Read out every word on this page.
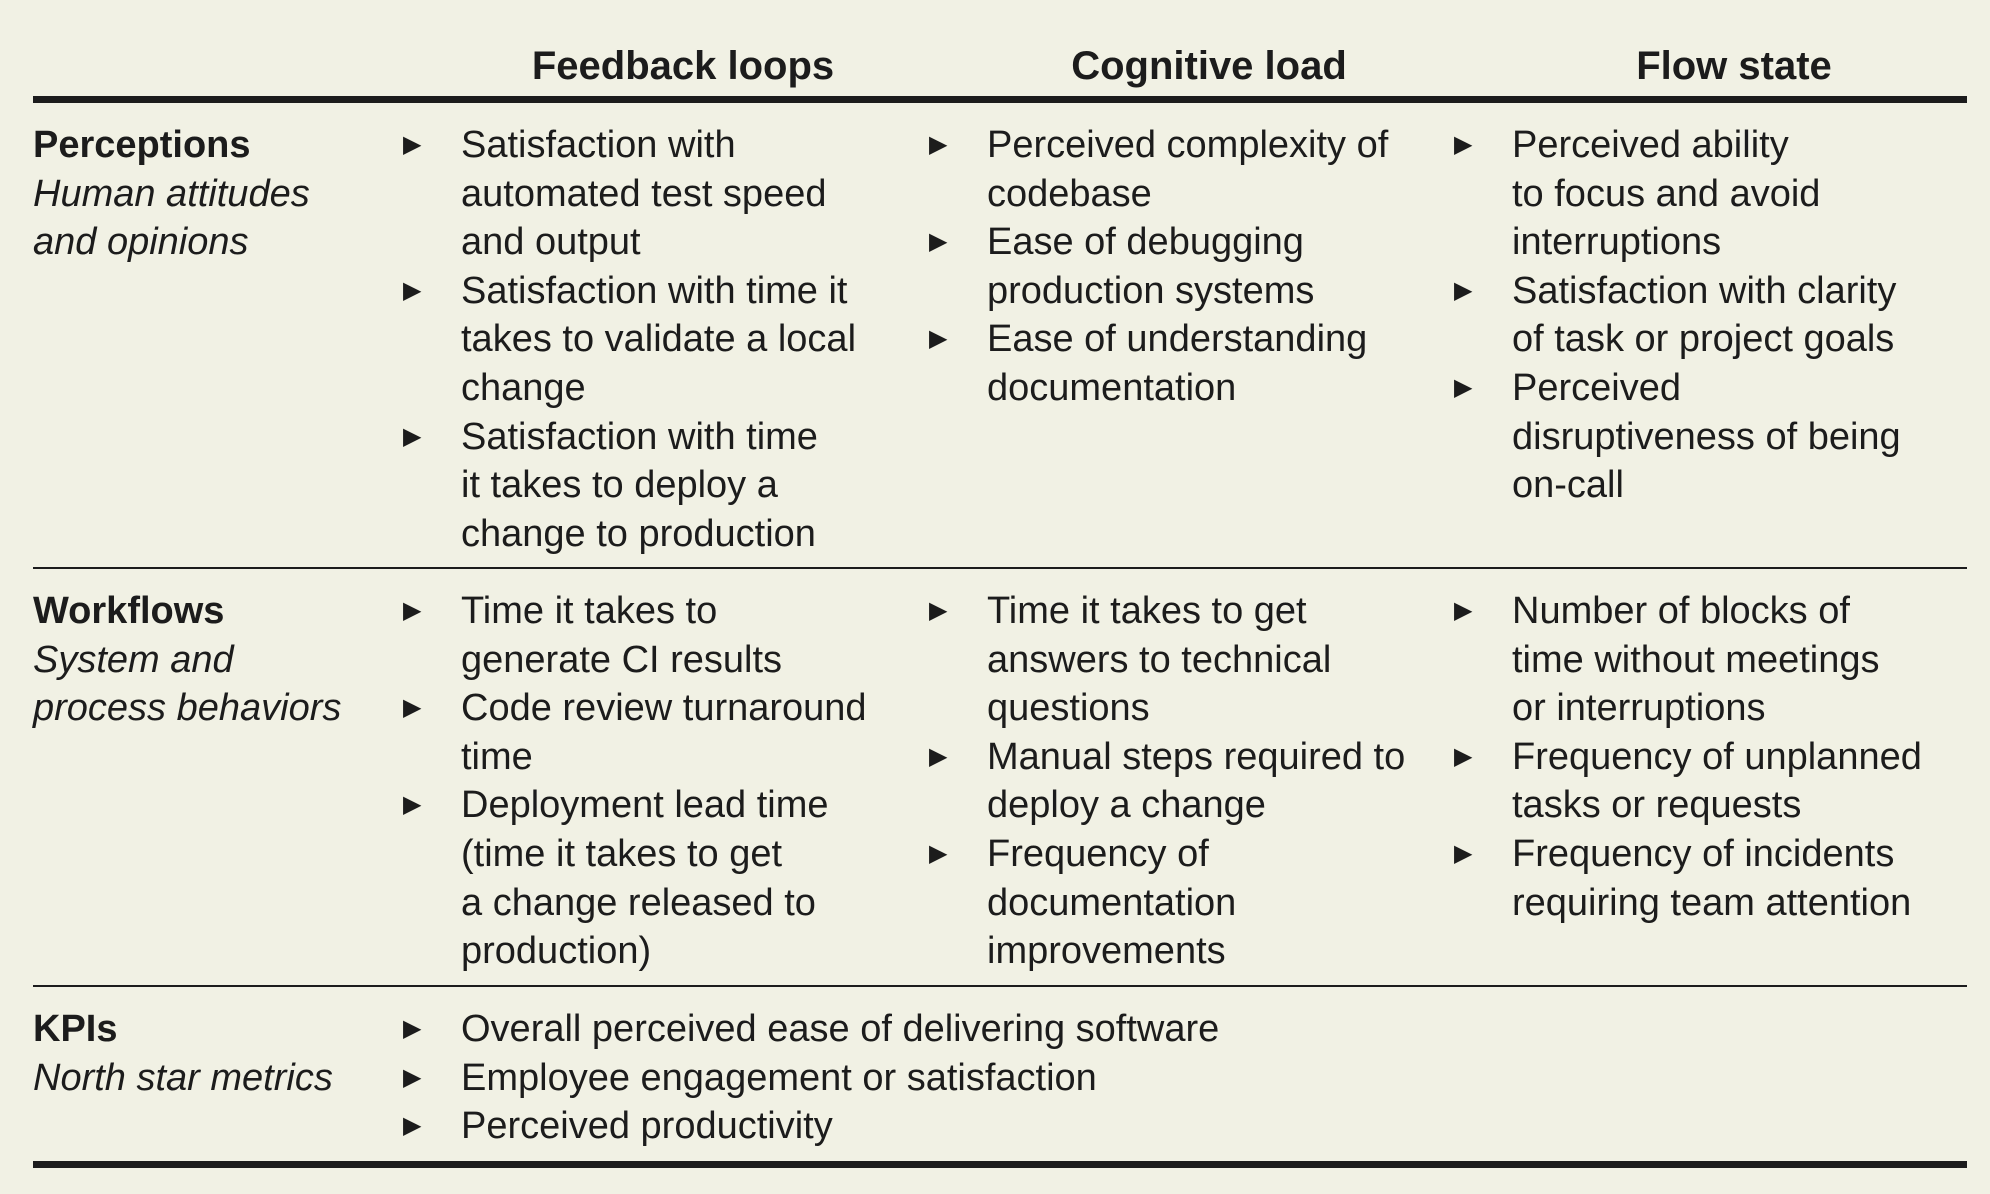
Feedback loops	Cognitive load	Flow state
Perceptions
Human attitudes
and opinions
▶ Satisfaction with
automated test speed
and output
▶ Satisfaction with time it
takes to validate a local
change
▶ Satisfaction with time
it takes to deploy a
change to production
▶ Perceived complexity of
codebase
▶ Ease of debugging
production systems
▶ Ease of understanding
documentation
▶ Perceived ability
to focus and avoid
interruptions
▶ Satisfaction with clarity
of task or project goals
▶ Perceived
disruptiveness of being
on-call
Workflows
System and
process behaviors
▶ Time it takes to
generate CI results
▶ Code review turnaround
time
▶ Deployment lead time
(time it takes to get
a change released to
production)
▶ Time it takes to get
answers to technical
questions
▶ Manual steps required to
deploy a change
▶ Frequency of
documentation
improvements
▶ Number of blocks of
time without meetings
or interruptions
▶ Frequency of unplanned
tasks or requests
▶ Frequency of incidents
requiring team attention
KPIs
North star metrics
▶ Overall perceived ease of delivering software
▶ Employee engagement or satisfaction
▶ Perceived productivity
